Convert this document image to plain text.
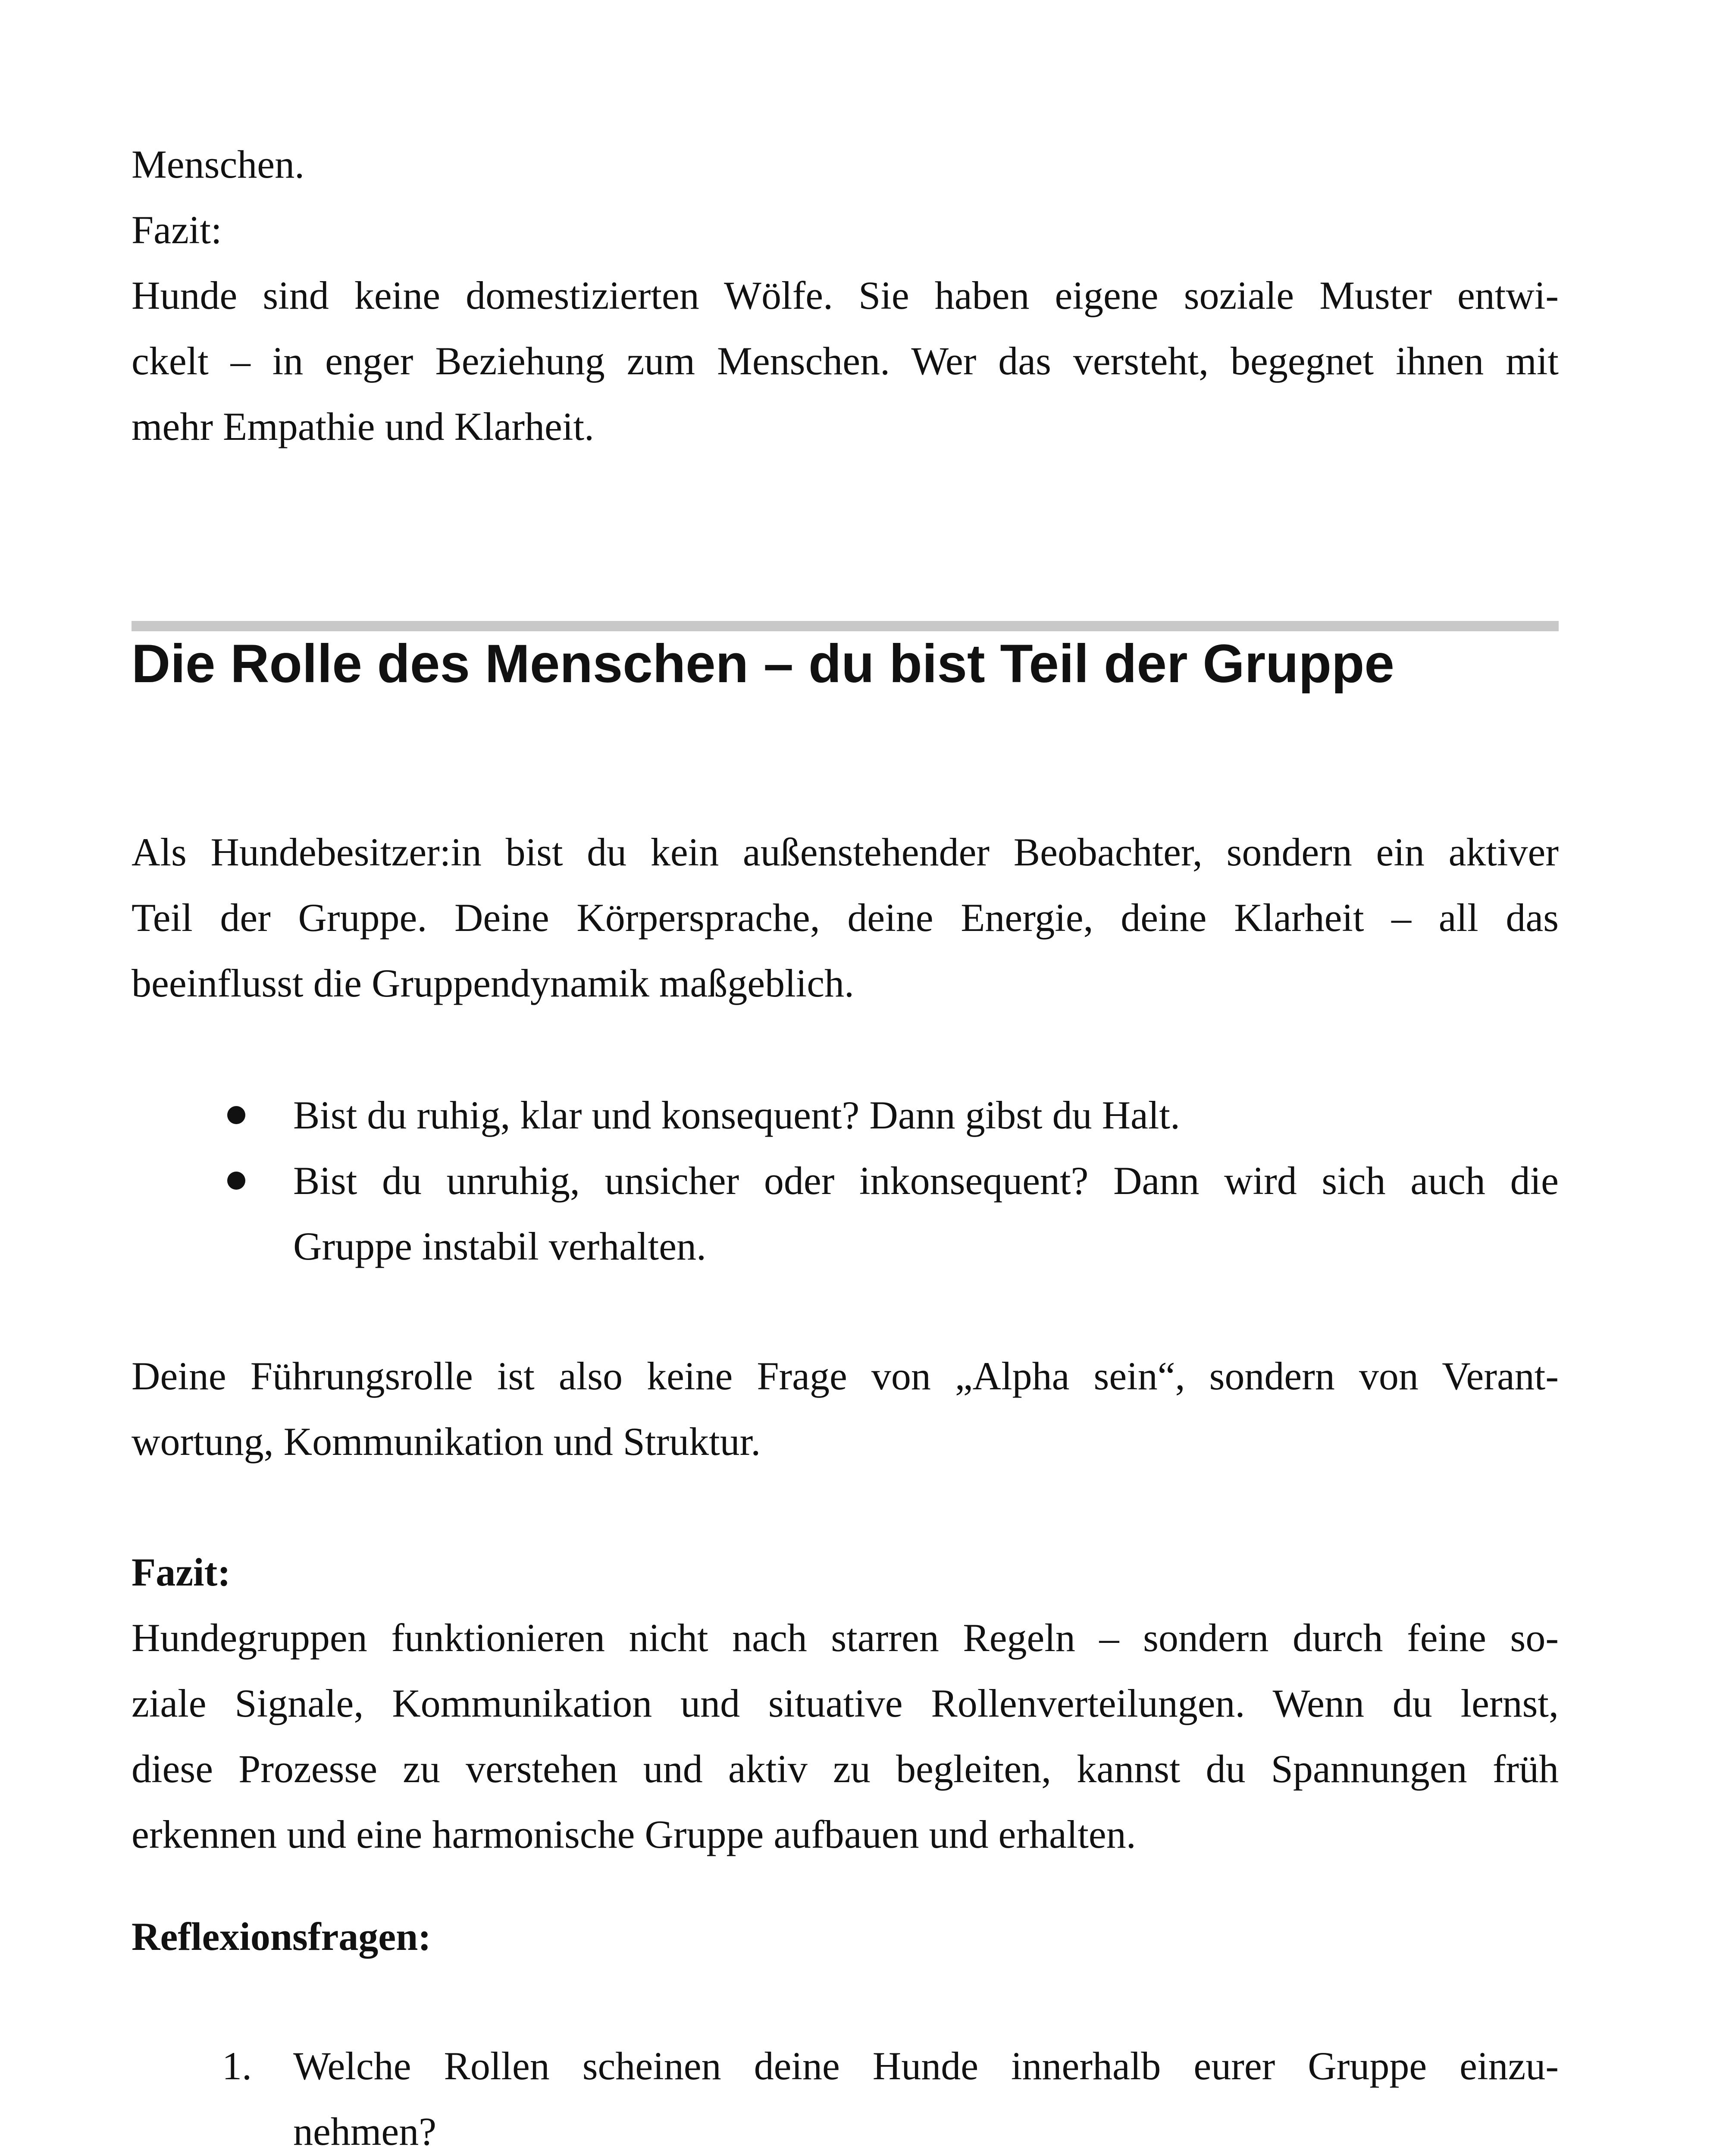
Menschen.
Fazit:
Hunde sind keine domestizierten Wölfe. Sie haben eigene soziale Muster entwi-
ckelt – in enger Beziehung zum Menschen. Wer das versteht, begegnet ihnen mit
mehr Empathie und Klarheit.
Die Rolle des Menschen – du bist Teil der Gruppe
Als Hundebesitzer:in bist du kein außenstehender Beobachter, sondern ein aktiver
Teil der Gruppe. Deine Körpersprache, deine Energie, deine Klarheit – all das
beeinflusst die Gruppendynamik maßgeblich.
Bist du ruhig, klar und konsequent? Dann gibst du Halt.
Bist du unruhig, unsicher oder inkonsequent? Dann wird sich auch die
Gruppe instabil verhalten.
Deine Führungsrolle ist also keine Frage von „Alpha sein“, sondern von Verant-
wortung, Kommunikation und Struktur.
Fazit:
Hundegruppen funktionieren nicht nach starren Regeln – sondern durch feine so-
ziale Signale, Kommunikation und situative Rollenverteilungen. Wenn du lernst,
diese Prozesse zu verstehen und aktiv zu begleiten, kannst du Spannungen früh
erkennen und eine harmonische Gruppe aufbauen und erhalten.
Reflexionsfragen:
1.	Welche Rollen scheinen deine Hunde innerhalb eurer Gruppe einzu-
nehmen?
